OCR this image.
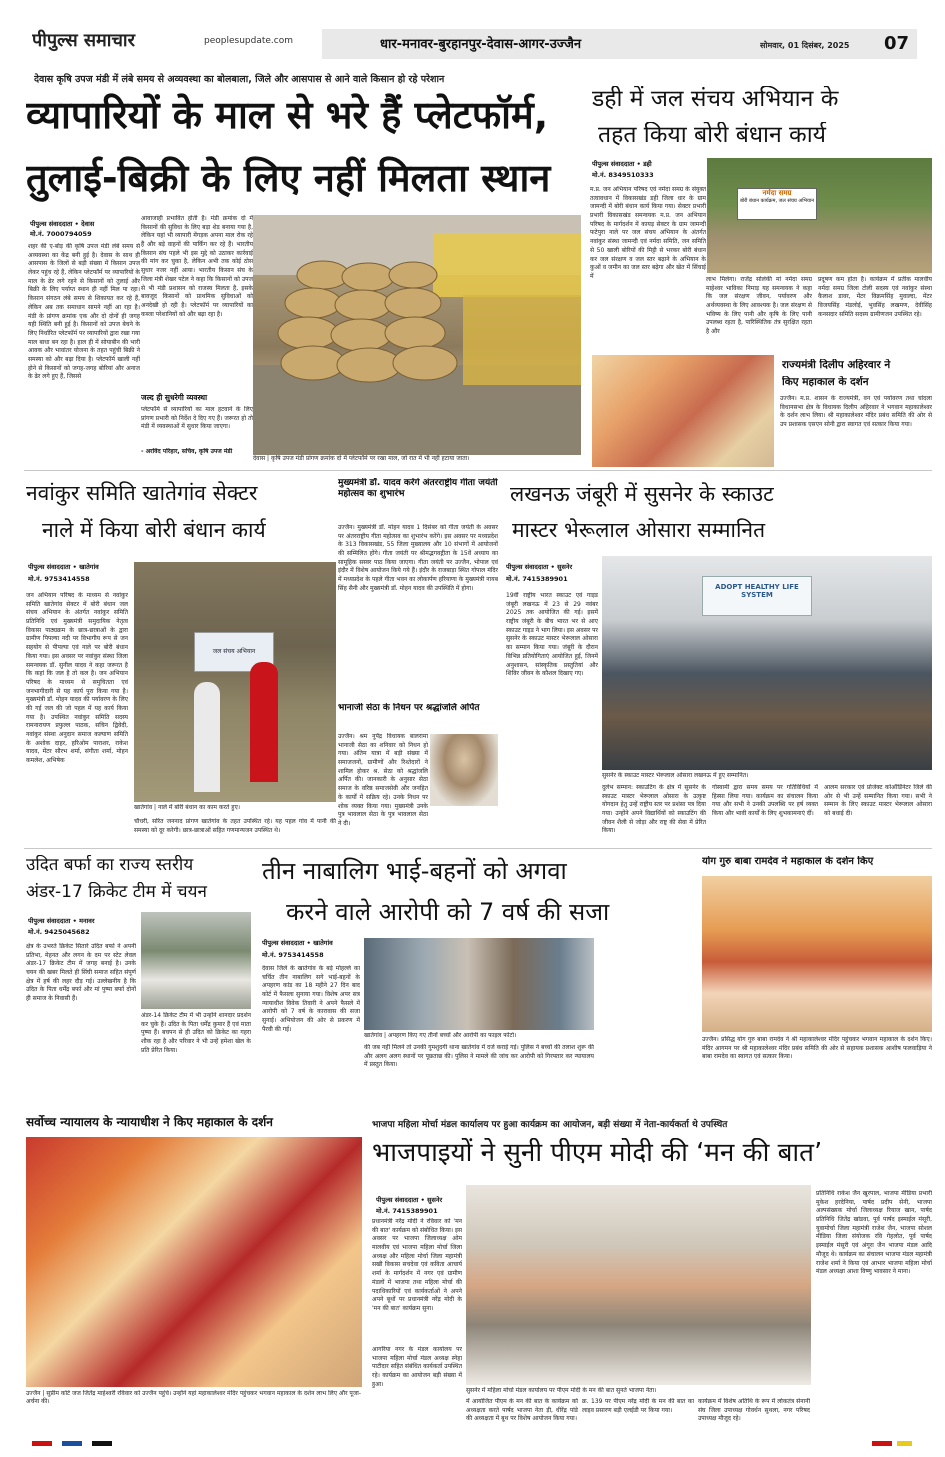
पीपुल्स समाचार	peoplesupdate.com	धार-मनावर-बुरहानपुर-देवास-आगर-उज्जैन	सोमवार, 01 दिसंबर, 2025	07
देवास कृषि उपज मंडी में लंबे समय से अव्यवस्था का बोलबाला, जिले और आसपास से आने वाले किसान हो रहे परेशान
व्यापारियों के माल से भरे हैं प्लेटफॉर्म,
तुलाई-बिक्री के लिए नहीं मिलता स्थान
पीपुल्स संवाददाता • देवास
मो.नं. 7000794059
शहर की ए-बाेड़ की कृषि उपज मंडी लंबे समय से अव्यवस्था का केंद्र बनी हुई है। देवास के साथ ही आसपास के जिलों से बड़ी संख्या में किसान उपज लेकर पहुंच रहे हैं, लेकिन प्लेटफॉर्म पर व्यापारियों के माल के ढेर लगे रहने से किसानों को तुलाई और बिक्री के लिए पर्याप्त स्थान ही नहीं मिल पा रहा। किसान संगठन लंबे समय से शिकायत कर रहे हैं, लेकिन अब तक समाधान सामने नहीं आ रहा है। मंडी के प्रांगण क्रमांक एक और दो दोनों ही जगह यही स्थिति बनी हुई है। किसानों को उपज बेचने के लिए निर्धारित प्लेटफॉर्म पर व्यापारियों द्वारा रखा गया माल बाधा बन रहा है। हाल ही में सोयाबीन की भारी आवक और भावांतर योजना के तहत पहुंची बिक्री ने समस्या को और बढ़ा दिया है। प्लेटफॉर्म खाली नहीं होने से किसानों को जगह-जगह बोरियां और अनाज के ढेर लगे हुए हैं, जिससे
आवाजाही प्रभावित होती है। मंडी क्रमांक दो में किसानों की सुविधा के लिए बड़ा शेड बनाया गया है, लेकिन यहां भी व्यापारी मेंगड़क अपना माल रोक रहे हैं और बड़े वाहनों की पार्किंग कर रहे हैं। भारतीय किसान संघ पहले भी इस मुद्दे को उठाकर कार्रवाई की मांग कर चुका है, लेकिन अभी तक कोई ठोस सुधार नजर नहीं आया। भारतीय किसान संघ के जिला मंत्री शेखर पटेल ने कहा कि किसानों को उपज से भी मंडी प्रशासन को राजस्व मिलता है, इसके बावजूद किसानों को प्राथमिक सुविधाओं को अनदेखी हो रही है। प्लेटफॉर्म पर व्यापारियों का कब्जा परेशानियों को और बढ़ा रहा है।
जल्द ही सुधरेगी व्यवस्था
प्लेटफॉर्म से व्यापारियों का माल हटवाने के लिए प्रांगण प्रभारी को निर्देश दे दिए गए हैं। जरूरत हो तो मंडी में व्यवस्थाओं में सुधार किया जाएगा।
- अरविंद परिहार, सचिव, कृषि उपज मंडी
देवास | कृषि उपज मंडी प्रांगण क्रमांक दो में प्लेटफॉर्म पर रखा माल, जो रात में भी नहीं हटाया जाता।
डही में जल संचय अभियान के
तहत किया बोरी बंधान कार्य
पीपुल्स संवाददाता • डही
मो.नं. 8349510333
म.प्र. जन अभियान परिषद एवं नर्मदा समग्र के संयुक्त तत्वावधान में विकासखंड डही जिला धार के ग्राम जामन्दी में बोरी बंधान कार्य किया गया। सेक्टर प्रभारी प्रभारी विकासखंड समन्वयक म.प्र. जन अभियान परिषद के मार्गदर्शन में कायड़ सेक्टर के ग्राम जामन्दी फटेपुरा नाले पर जल संचय अभियान के अंतर्गत नवांकुर संस्था जामन्दी एवं नर्मदा समिति, जन समिति से 50 खाली बोरियों की मिट्टी से भरकर बोरी बंधान कर जल संरक्षण व जल स्तर बढ़ाने के अभियान के कुओं व जमीन का जल स्तर बढ़ेगा और खेत में सिंचाई में
नर्मदा समग्र
बोरी बंधान कार्यक्रम, जल संचय अभियान
लाभ मिलेगा। राजेंद्र सोलंकी मां नर्मदा समग्र माहेश्वर भाविका निमाड़ यह समन्वयक ने कहा कि जल संरक्षण जीवन, पर्यावरण और अर्थव्यवस्था के लिए आवश्यक है। जल संरक्षण से भविष्य के लिए पानी और कृषि के लिए पानी उपलब्ध रहता है, पारिस्थितिक तंत्र सुरक्षित रहता है और
प्रदूषण कम होता है। कार्यक्रम में प्रतीक मालवीय नर्मदा समग्र जिला टोली सदस्य एवं नवांकुर संस्था कैलाश डावर, मेंटर विक्रमसिंह मुवाल्दा, मेंटर विजयसिंह मंडलोई, भुवसिंह लखमण, देवीसिंह कनसदार समिति सदस्य ग्रामीणजन उपस्थित रहे।
राज्यमंत्री दिलीप अहिरवार ने
किए महाकाल के दर्शन
उज्जैन। म.प्र. शासन के राज्यमंत्री, वन एवं पर्यावरण तथा चांदला विधानसभा क्षेत्र के विधायक दिलीप अहिरवार ने भगवान महाकालेश्वर के दर्शन लाभ लिया। श्री महाकालेश्वर मंदिर प्रबंध समिति की ओर से उप प्रशासक एसएन सोनी द्वारा स्वागत एवं सत्कार किया गया।
नवांकुर समिति खातेगांव सेक्टर
नाले में किया बोरी बंधान कार्य
पीपुल्स संवाददाता • खातेगांव
मो.नं. 9753414558
जन अभियान परिषद के माध्यम से नवांकुर समिति खातेगांव सेक्टर में बोरी बंधान जल संचय अभियान के अंतर्गत नवांकुर समिति प्रतिनिधि एवं मुख्यमंत्री समुदायिक नेतृत्व विकास पाठ्यक्रम के छात्र-छात्राओं के द्वारा ग्रामीण पिपल्या नदी पर विभागीय रूप से जन सहयोग से पीपल्या एवं नाले पर बोरी बंधान किया गया। इस अवसर पर नवांकुर संस्था जिला समन्वयक डॉ. सुनील यादव ने कहा जरूरत है कि कहां कि जल है तो कल है। जन अभियान परिषद के माध्यम से समुचितता एवं जनभागीदारी से यह कार्य पूरा किया गया है। मुख्यमंत्री डॉ. मोहन यादव की पर्यावरण के लिए की गई जल की जो पहल में यह कार्य किया गया है। उपस्थित नवांकुर समिति सदस्य रामनारायण प्रफुल्ल पाठक, सचिन द्विवेदी, नवांकुर संस्था अनुदान समाज कल्याण समिति के अशोक दाहर, हरिओम पाराशर, राकेश यादव, मेंटर सौरभ शर्मा, संगीता शर्मा, मोहन कमलेश, अभिषेक
जल संचय अभियान
खातेगांव | नाले में बोरी बंधान का काम करते हुए।
चौधरी, सरित जननाद प्रांगण खातेगांव के तहत उपस्थित रहे। यह पहल गांव में पानी की समस्या को दूर करेगी। छात्र-छात्राओं सहित गणमान्यजन उपस्थित थे।
मुख्यमंत्री डॉ. यादव करेंगे अंतरराष्ट्रीय गीता जयंती महोत्सव का शुभारंभ
उज्जैन। मुख्यमंत्री डॉ. मोहन यादव 1 दिसंबर को गीता जयंती के अवसर पर अंतरराष्ट्रीय गीता महोत्सव का शुभारंभ करेंगे। इस अवसर पर मध्यप्रदेश के 313 विकासखंड, 55 जिला मुख्यालय और 10 संभागों में आयोजनों की सम्मिलित होंगे। गीता जयंती पर श्रीमद्भगवद्गीता के 15वें अध्याय का सामूहिक सस्वर पाठ किया जाएगा। गीता जयंती पर उज्जैन, भोपाल एवं इंदौर में विशेष आयोजन किये गये हैं। इंदौर के राजबाड़ा स्थित गोपाल मंदिर में मध्यप्रदेश के पहले गीता भवन का लोकार्पण हरियाणा के मुख्यमंत्री नायब सिंह सैनी और मुख्यमंत्री डॉ. मोहन यादव की उपस्थिति में होगा।
भानाजी सेठा के निधन पर श्रद्धांजलि अर्पित
उज्जैन। श्रम नुपेंद्र विधायक बालरामा भानाजी सेठा का शनिवार को निधन हो गया। अंतिम यात्रा में बड़ी संख्या में समाजजनों, ग्रामीणों और रिश्तेदारों ने शामिल होकर श्र. सेठा को श्रद्धांजलि अर्पित की। जानकारी के अनुसार सेठा समाज के वरिष्ठ समाजसेवी और जनहित के कार्यों में सक्रिय रहे। उनके निधन पर शोक व्यक्त किया गया। मुख्यमंत्री उनके पुत्र भावलाल सेठा के पुत्र भावलाल सेठा ने दी।
लखनऊ जंबूरी में सुसनेर के स्काउट
मास्टर भेरूलाल ओसारा सम्मानित
पीपुल्स संवाददाता • सुसनेर
मो.नं. 7415389901
19वीं राष्ट्रीय भारत स्काउट एवं गाइड जंबूरी लखनऊ में 23 से 29 नवंबर 2025 तक आयोजित की गई। इसमें राष्ट्रीय जंबूरी के बीच भारत भर से आए स्काउट गाइड ने भाग लिया। इस अवसर पर सुसनेर के स्काउट मास्टर भेरूलाल ओसारा का सम्मान किया गया। जंबूरी के दौरान विभिन्न प्रतियोगिताएं आयोजित हुईं, जिनमें अनुशासन, सांस्कृतिक प्रस्तुतियां और शिविर जीवन के कौशल दिखाए गए।
ADOPT HEALTHY LIFE SYSTEM
सुसनेर के स्काउट मास्टर भेरूलाल ओसारा लखनऊ में हुए सम्मानित।
दुर्लभ सम्मान: स्काउटिंग के क्षेत्र में सुसनेर के स्काउट मास्टर भेरूलाल ओसारा के उत्कृष्ट योगदान हेतु उन्हें राष्ट्रीय स्तर पर प्रशंसा पत्र दिया गया। उन्होंने अपने विद्यार्थियों को स्काउटिंग की जीवन शैली से जोड़ा और राष्ट्र की सेवा में प्रेरित किया।
गोस्वामी द्वारा समय समय पर गतिविधियों में हिस्सा लिया गया। कार्यक्रम का संचालन किया गया और सभी ने उनकी उपलब्धि पर हर्ष व्यक्त किया और भावी कार्यों के लिए शुभकामनाएं दीं।
आलम सरकार एवं प्रोजेक्ट कोऑर्डिनेटर जिले की ओर से भी उन्हें सम्मानित किया गया। सभी ने सम्मान के लिए स्काउट मास्टर भेरूलाल ओसारा को बधाई दी।
उदित बर्फा का राज्य स्तरीय
अंडर-17 क्रिकेट टीम में चयन
पीपुल्स संवाददाता • मनावर
मो.नं. 9425045682
क्षेत्र के उभरते क्रिकेट सितारे उदित बर्फा ने अपनी प्रतिभा, मेहनत और लगन के दम पर स्टेट लेवल अंडर-17 क्रिकेट टीम में जगह बनाई है। उनके चयन की खबर मिलते ही सिंघी समाज सहित संपूर्ण क्षेत्र में हर्ष की लहर दौड़ गई। उल्लेखनीय है कि उदित के पिता धर्मेंद्र बर्फा और मां पुष्पा बर्फा दोनों ही समाज के निवासी हैं।
अंडर-14 क्रिकेट टीम में भी उन्होंने शानदार प्रदर्शन कर चुके हैं। उदित के पिता धर्मेंद्र कुमार हैं एवं माता पुष्पा हैं। बचपन से ही उदित को क्रिकेट का गहरा शौक रहा है और परिवार ने भी उन्हें हमेशा खेल के प्रति प्रेरित किया।
तीन नाबालिग भाई-बहनों को अगवा
करने वाले आरोपी को 7 वर्ष की सजा
पीपुल्स संवाददाता • खातेगांव
मो.नं. 9753414558
देवास जिले के खातेगांव के बड़े मोहल्ले का चर्चित तीन नाबालिग सगे भाई-बहनों के अपहरण कांड का 18 महीने 27 दिन बाद कोर्ट में फैसला सुनाया गया। विशेष अपर सत्र न्यायाधीश विवेक तिवारी ने अपने फैसले में आरोपी को 7 वर्ष के कारावास की सजा सुनाई। अभियोजन की ओर से प्रकरण में पैरवी की गई।
खातेगांव | अपहरण किए गए तीनों बच्चों और आरोपी का फाइल फोटो।
की जब नहीं मिलने तो उनकी गुमशुदगी थाना खातेगांव में दर्ज कराई गई। पुलिस ने बच्चों की तलाश शुरू की और अलग अलग स्थानों पर पूछताछ की। पुलिस ने मामले की जांच कर आरोपी को गिरफ्तार कर न्यायालय में प्रस्तुत किया।
योग गुरु बाबा रामदेव ने महाकाल के दर्शन किए
उज्जैन। प्रसिद्ध योग गुरु बाबा रामदेव ने श्री महाकालेश्वर मंदिर पहुंचकर भगवान महाकाल के दर्शन किए। मंदिर आगमन पर श्री महाकालेश्वर मंदिर प्रबंध समिति की ओर से सहायक प्रशासक आशीष फलवाड़िया ने बाबा रामदेव का स्वागत एवं सत्कार किया।
सर्वोच्च न्यायालय के न्यायाधीश ने किए महाकाल के दर्शन
उज्जैन | सुप्रीम कोर्ट जज जितेंद्र माहेश्वरी रविवार को उज्जैन पहुंचे। उन्होंने यहां महाकालेश्वर मंदिर पहुंचकर भगवान महाकाल के दर्शन लाभ लिए और पूजा-अर्चना की।
भाजपा महिला मोर्चा मंडल कार्यालय पर हुआ कार्यक्रम का आयोजन, बड़ी संख्या में नेता-कार्यकर्ता थे उपस्थित
भाजपाइयों ने सुनी पीएम मोदी की ‘मन की बात’
पीपुल्स संवाददाता • सुसनेर
मो.नं. 7415389901
प्रधानमंत्री नरेंद्र मोदी ने रविवार को 'मन की बात' कार्यक्रम को संबोधित किया। इस अवसर पर भाजपा जिलाध्यक्ष ओम मालवीय एवं भाजपा महिला मोर्चा जिला अध्यक्ष और महिला मोर्चा जिला महामंत्री सखी विकास सचदेवा एवं कविता आचार्य शर्मा के मार्गदर्शन में नगर एवं ग्रामीण मंडलों में भाजपा तथा महिला मोर्चा की पदाधिकारियों एवं कार्यकर्ताओं ने अपने अपने बूथों पर प्रधानमंत्री नरेंद्र मोदी के 'मन की बात' कार्यक्रम सुना।
आगरिया नगर के मंडल कार्यालय पर भाजपा महिला मोर्चा मंडल अध्यक्ष स्नेहा पाटीदार सहित संबंधित कार्यकर्ता उपस्थित रहे। कार्यक्रम का आयोजन बड़ी संख्या में हुआ।
सुसनेर में महिला मोर्चा मंडल कार्यालय पर पीएम मोदी के मन की बात सुनते भाजपा नेता।
में आयोजित पीएम के मन की बात के कार्यक्रम को अध्यक्षता करते पार्षद भाजपा नेता ड़ी, धीरेंद्र पांडे की अध्यक्षता में बूथ पर विशेष आयोजन किया गया।
क्र. 139 पर पीएम नरेंद्र मोदी के मन की बात का लाइव प्रसारण बड़ी एलईडी पर किया गया।
कार्यक्रम में विशेष अतिथि के रूप में लोकतंत्र सेनानी संघ जिला उपाध्यक्ष गोवर्धन सुथला, नगर परिषद उपाध्यक्ष मौजूद रहे।
प्रतिनिधि राकेश जैन खुरपाल, भाजपा मीडिया प्रभारी मुकेश हरदेनिया, पार्षद प्रदीप सेनी, भाजपा अल्पसंख्यक मोर्चा जिलाध्यक्ष रियाज खान, पार्षद प्रतिनिधि जितेंद्र खांडवा, पूर्व पार्षद इस्माईल मंसूरी, युवामोर्चा जिला महामंत्री राजेश जैन, भाजपा सोशल मीडिया जिला संयोजक रवि गेहलोत, पूर्व पार्षद इस्माईल मंसूरी एवं अंगूरा जैन भाजपा मंडल आदि मौजूद थे। कार्यक्रम का संचालन भाजपा मंडल महामंत्री राजेश शर्मा ने किया एवं आभार भाजपा महिला मोर्चा मंडल अध्यक्षा आशा विष्णु भावसार ने माना।
